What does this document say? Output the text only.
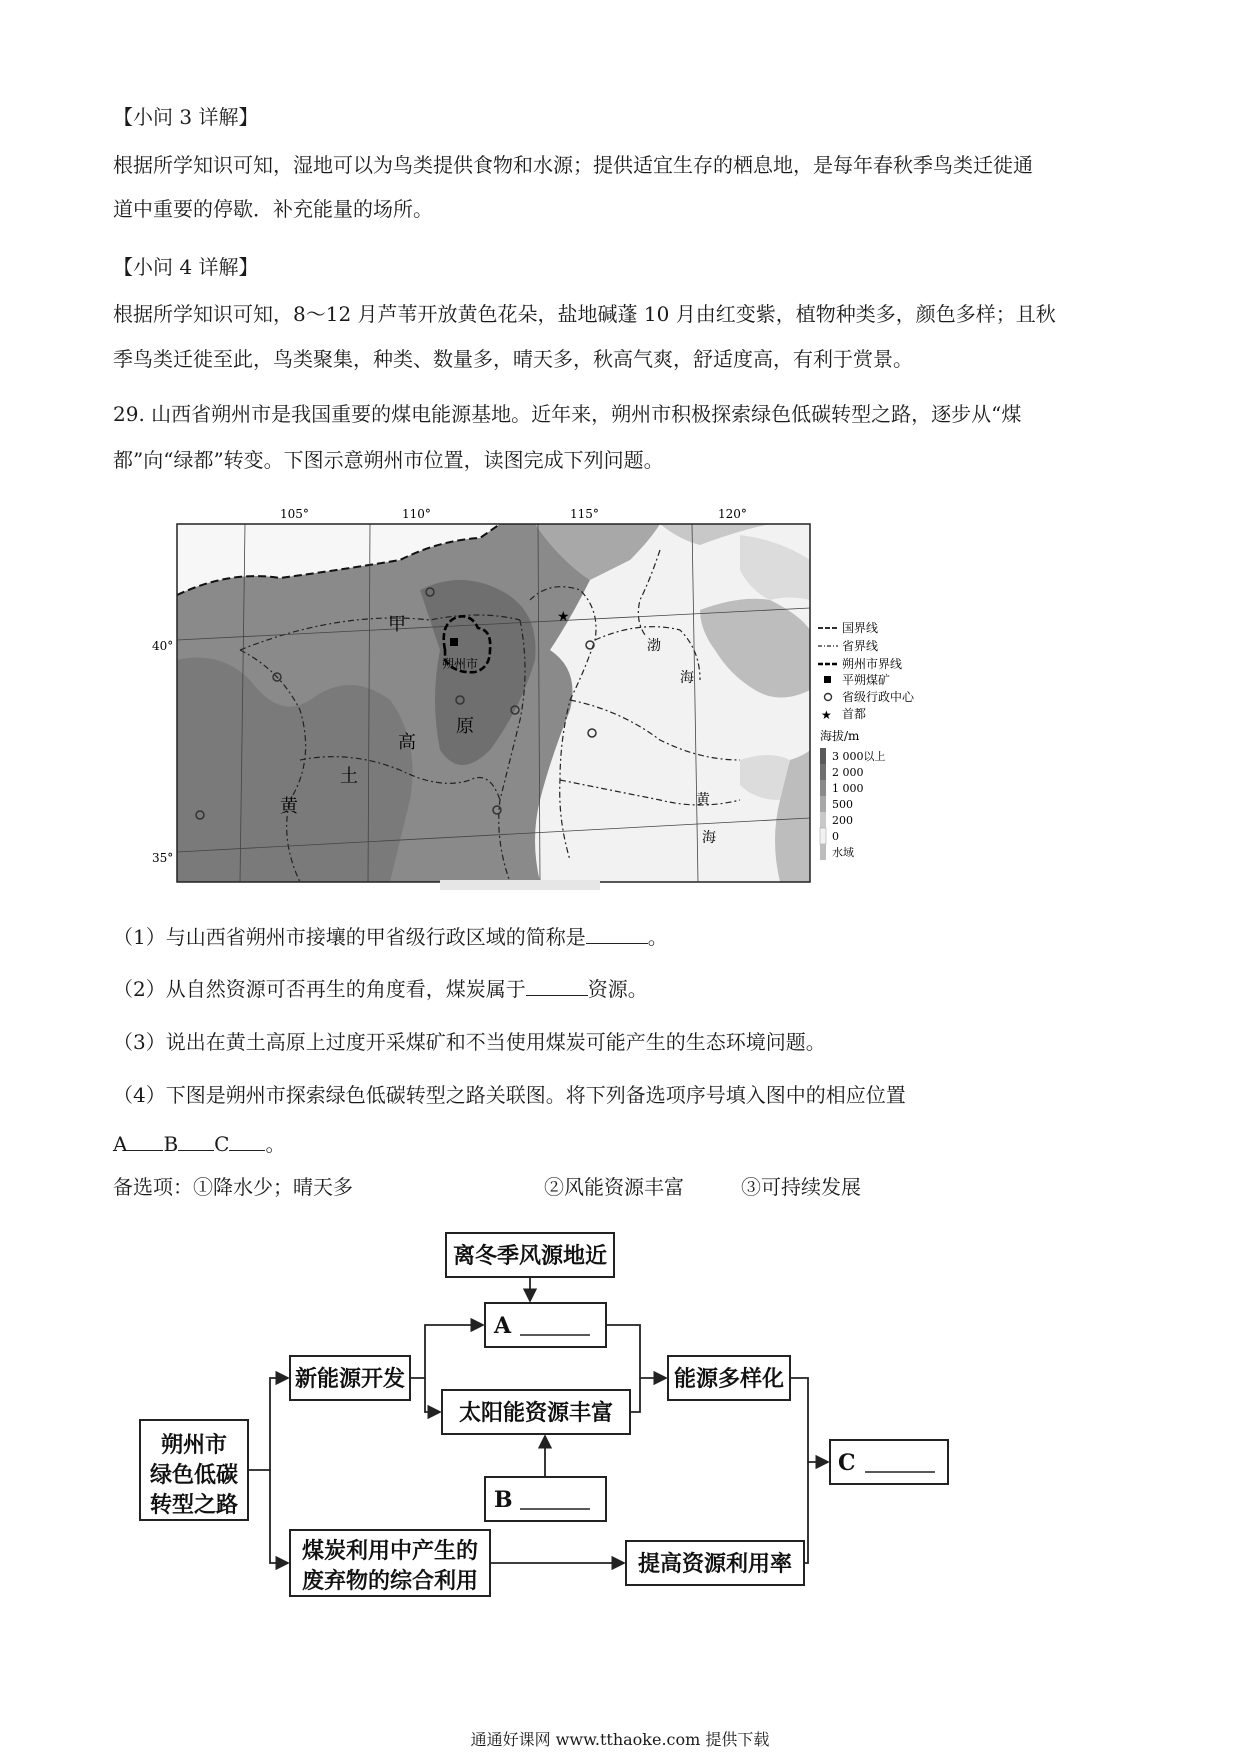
【小问 3 详解】
根据所学知识可知，湿地可以为鸟类提供食物和水源；提供适宜生存的栖息地，是每年春秋季鸟类迁徙通
道中重要的停歇．补充能量的场所。
【小问 4 详解】
根据所学知识可知，8～12 月芦苇开放黄色花朵，盐地碱蓬 10 月由红变紫，植物种类多，颜色多样；且秋
季鸟类迁徙至此，鸟类聚集，种类、数量多，晴天多，秋高气爽，舒适度高，有利于赏景。
29. 山西省朔州市是我国重要的煤电能源基地。近年来，朔州市积极探索绿色低碳转型之路，逐步从“煤
都”向“绿都”转变。下图示意朔州市位置，读图完成下列问题。
105°	110°	115°	120°
40°
35°
朔州市
★
甲
黄
土
高
原
渤
海
黄
海
国界线
省界线
朔州市界线
平朔煤矿
省级行政中心
★ 首都
海拔/m
3 000以上
2 000
1 000
500
200
0
水域
（1）与山西省朔州市接壤的甲省级行政区域的简称是	。
（2）从自然资源可否再生的角度看，煤炭属于	资源。
（3）说出在黄土高原上过度开采煤矿和不当使用煤炭可能产生的生态环境问题。
（4）下图是朔州市探索绿色低碳转型之路关联图。将下列备选项序号填入图中的相应位置
A B C 。
备选项：①降水少；晴天多	②风能资源丰富	③可持续发展
离冬季风源地近
A
新能源开发
太阳能资源丰富
B
能源多样化
朔州市
绿色低碳
转型之路
C
煤炭利用中产生的
废弃物的综合利用
提高资源利用率
通通好课网 www.tthaoke.com 提供下载
